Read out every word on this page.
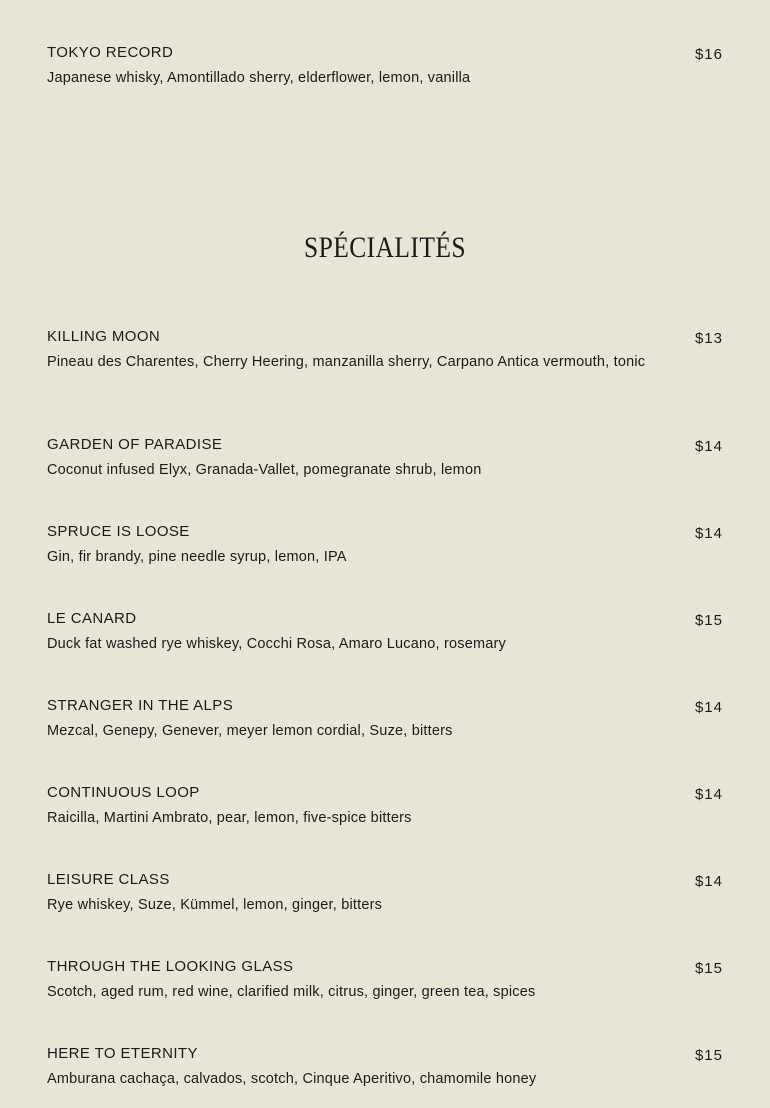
TOKYO RECORD
Japanese whisky, Amontillado sherry, elderflower, lemon, vanilla
$16
SPÉCIALITÉS
KILLING MOON
Pineau des Charentes, Cherry Heering, manzanilla sherry, Carpano Antica vermouth, tonic
$13
GARDEN OF PARADISE
Coconut infused Elyx, Granada-Vallet, pomegranate shrub, lemon
$14
SPRUCE IS LOOSE
Gin, fir brandy, pine needle syrup, lemon, IPA
$14
LE CANARD
Duck fat washed rye whiskey, Cocchi Rosa, Amaro Lucano, rosemary
$15
STRANGER IN THE ALPS
Mezcal, Genepy, Genever, meyer lemon cordial, Suze, bitters
$14
CONTINUOUS LOOP
Raicilla, Martini Ambrato, pear, lemon, five-spice bitters
$14
LEISURE CLASS
Rye whiskey, Suze, Kümmel, lemon, ginger, bitters
$14
THROUGH THE LOOKING GLASS
Scotch, aged rum, red wine, clarified milk, citrus, ginger, green tea, spices
$15
HERE TO ETERNITY
Amburana cachaça, calvados, scotch, Cinque Aperitivo, chamomile honey
$15
